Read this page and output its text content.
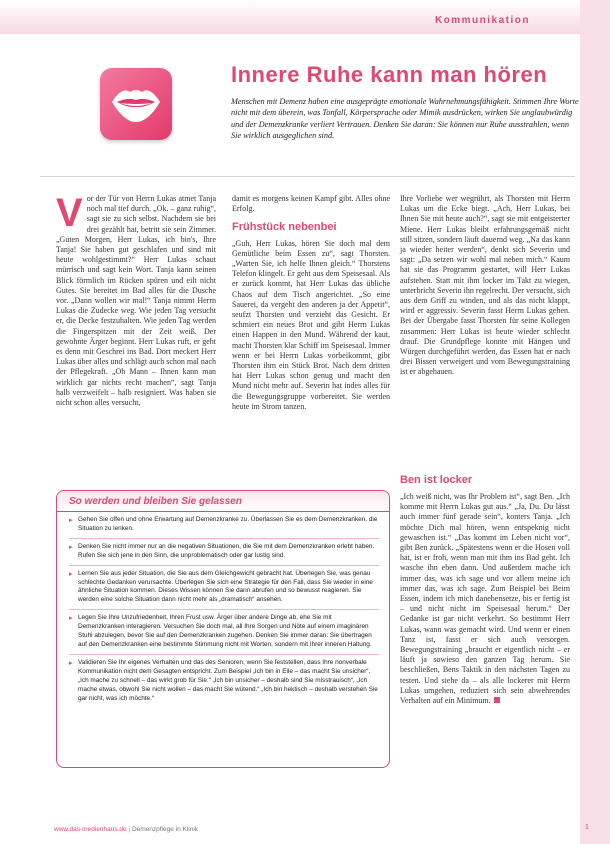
Kommunikation
Innere Ruhe kann man hören

Menschen mit Demenz haben eine ausgeprägte emotionale Wahrnehmungsfähigkeit. Stimmen Ihre Worte nicht mit dem überein, was Tonfall, Körpersprache oder Mimik ausdrücken, wirken Sie unglaubwürdig und der Demenzkranke verliert Vertrauen. Denken Sie daran: Sie können nur Ruhe ausstrahlen, wenn Sie wirklich ausgeglichen sind.

Vor der Tür von Herrn Lukas atmet Tanja noch mal tief durch. „Ok. – ganz ruhig“, sagt sie zu sich selbst. Nachdem sie bei drei gezählt hat, betritt sie sein Zimmer. „Guten Morgen, Herr Lukas, ich bin's, Ihre Tanja! Sie haben gut geschlafen und sind mit heute wohlgestimmt?“ Herr Lukas schaut mürrisch und sagt kein Wort. Tanja kann seinen Blick förmlich im Rücken spüren und eilt nicht Gutes. Sie bereitet im Bad alles für die Dusche vor. „Dann wollen wir mal!“ Tanja nimmt Herrn Lukas die Zudecke weg. Wie jeden Tag versucht er, die Decke festzuhalten. Wie jeden Tag werden die Fingerspitzen mit der Zeit weiß. Der gewohnte Ärger beginnt. Herr Lukas ruft, er geht es denn mit Geschrei ins Bad. Dort meckert Herr Lukas über alles und schlägt auch schon mal nach der Pflegekraft. „Oh Mann – Ihnen kann man wirklich gar nichts recht machen“, sagt Tanja halb verzweifelt – halb resigniert. Was haben sie nicht schon alles versucht,

damit es morgens keinen Kampf gibt. Alles ohne Erfolg.

Frühstück nebenbei

„Guh, Herr Lukas, hören Sie doch mal dem Gemütliche beim Essen zu“, sagt Thorsten. „Warten Sie, ich helfe Ihnen gleich.“ Thorstens Telefon klingelt. Er geht aus dem Speisesaal. Als er zurück kommt, hat Herr Lukas das übliche Chaos auf dem Tisch angerichtet. „So eine Sauerei, da vergeht den anderen ja der Appetit“, seufzt Thorsten und verzieht das Gesicht. Er schmiert ein neues Brot und gibt Herrn Lukas einen Happen in den Mund. Während der kaut, macht Thorsten klar Schiff im Speisesaal. Immer wenn er bei Herrn Lukas vorbeikommt, gibt Thorsten ihm ein Stück Brot. Nach dem dritten hat Herr Lukas schon genug und macht den Mund nicht mehr auf. Severin hat indes alles für die Bewegungsgruppe vorbereitet. Sie werden heute im Strom tanzen.

Ihre Vorliebe wer wegrührt, als Thorsten mit Herrn Lukas um die Ecke biegt. „Ach, Herr Lukas, bei Ihnen Sie mit heute auch?“, sagt sie mit entgeisterter Miene. Herr Lukas bleibt erfahrungsgemäß nicht still sitzen, sondern läuft dauernd weg. „Na das kann ja wieder heiter werden“, denkt sich Severin und sagt: „Da setzen wir wohl mal neben mich.“ Kaum hat sie das Programm gestartet, will Herr Lukas aufstehen. Statt mit ihm locker im Takt zu wiegen, unterbricht Severin ihn regelrecht. Der versucht, sich aus dem Griff zu winden, und als das nicht klappt, wird er aggressiv. Severin fasst Herrn Lukas gehen. Bei der Übergabe fasst Thorsten für seine Kollegen zusammen: Herr Lukas ist heute wieder schlecht drauf. Die Grundpflege konnte mit Hängen und Würgen durchgeführt werden, das Essen hat er nach drei Bissen verweigert und vom Bewegungstraining ist er abgehauen.

Ben ist locker

„Ich weiß nicht, was Ihr Problem ist“, sagt Ben. „Ich komme mit Herrn Lukas gut aus.“ „Ja, Du. Du lässt auch immer fünf gerade sein“, konters Tanja. „Ich möchte Dich mal hören, wenn entspeknig nicht gewaschen ist.“ „Das kommt im Leben nicht vor“, gibt Ben zurück. „Spätestens wenn er die Hosen voll hat, ist er froh, wenn man mit ihm ins Bad geht. Ich wasche ihn eben dann. Und außerdem mache ich immer das, was ich sage und vor allem meine ich immer das, was ich sage. Zum Beispiel bei Beim Essen, indem ich mich danebensetze, bis er fertig ist – und nicht nicht im Speisesaal herum.“ Der Gedanke ist gar nicht verkehrt. So bestimmt Herr Lukas, wann was gemacht wird. Und wenn er einen Tanz ist, fasst er sich auch versorgen. Bewegungstraining „braucht er eigentlich nicht – er läuft ja sowieso den ganzen Tag herum. Sie beschließen, Bens Taktik in den nächsten Tagen zu testen. Und siehe da – als alle lockerer mit Herrn Lukas umgehen, reduziert sich sein abwehrendes Verhalten auf ein Minimum.

So werden und bleiben Sie gelassen
▸ Gehen Sie offen und ohne Erwartung auf Demenzkranke zu. Überlassen Sie es dem Demenzkranken, die Situation zu lenken.
▸ Denken Sie nicht immer nur an die negativen Situationen, die Sie mit dem Demenzkranken erlebt haben. Rufen Sie sich jene in den Sinn, die unproblematisch oder gar lustig sind.
▸ Lernen Sie aus jeder Situation, die Sie aus dem Gleichgewicht gebracht hat. Überlegen Sie, was genau schlechte Gedanken verursachte. Überlegen Sie sich eine Strategie für den Fall, dass Sie wieder in eine ähnliche Situation kommen. Dieses Wissen können Sie dann abrufen und so bewusst reagieren. Sie werden eine solche Situation dann nicht mehr als „dramatisch“ ansehen.
▸ Legen Sie Ihre Unzufriedenheit, Ihren Frust usw. Ärger über andere Dinge ab, ehe Sie mit Demenzkranken interagieren. Versuchen Sie doch mal, all Ihre Sorgen und Nöte auf einem imaginären Stuhl abzulegen, bevor Sie auf den Demenzkranken zugehen. Denken Sie immer daran: Sie übertragen auf den Demenzkranken eine bestimmte Stimmung nicht mit Worten, sondern mit Ihrer inneren Haltung.
▸ Validieren Sie Ihr eigenes Verhalten und das des Senioren, wenn Sie feststellen, dass Ihre nonverbale Kommunikation nicht dem Gesagten entspricht. Zum Beispiel „Ich bin in Eile – das macht Sie unsicher“, „Ich mache zu schnell – das wirkt grob für Sie.“ „Ich bin unsicher – deshalb sind Sie misstrauisch“, „Ich mache etwas, obwohl Sie nicht wollen – das macht Sie wütend.“ „Ich bin hektisch – deshalb verstehen Sie gar nicht, was ich möchte.“
www.das-medienhaus.de | Demenzpflege in Klinik	1
